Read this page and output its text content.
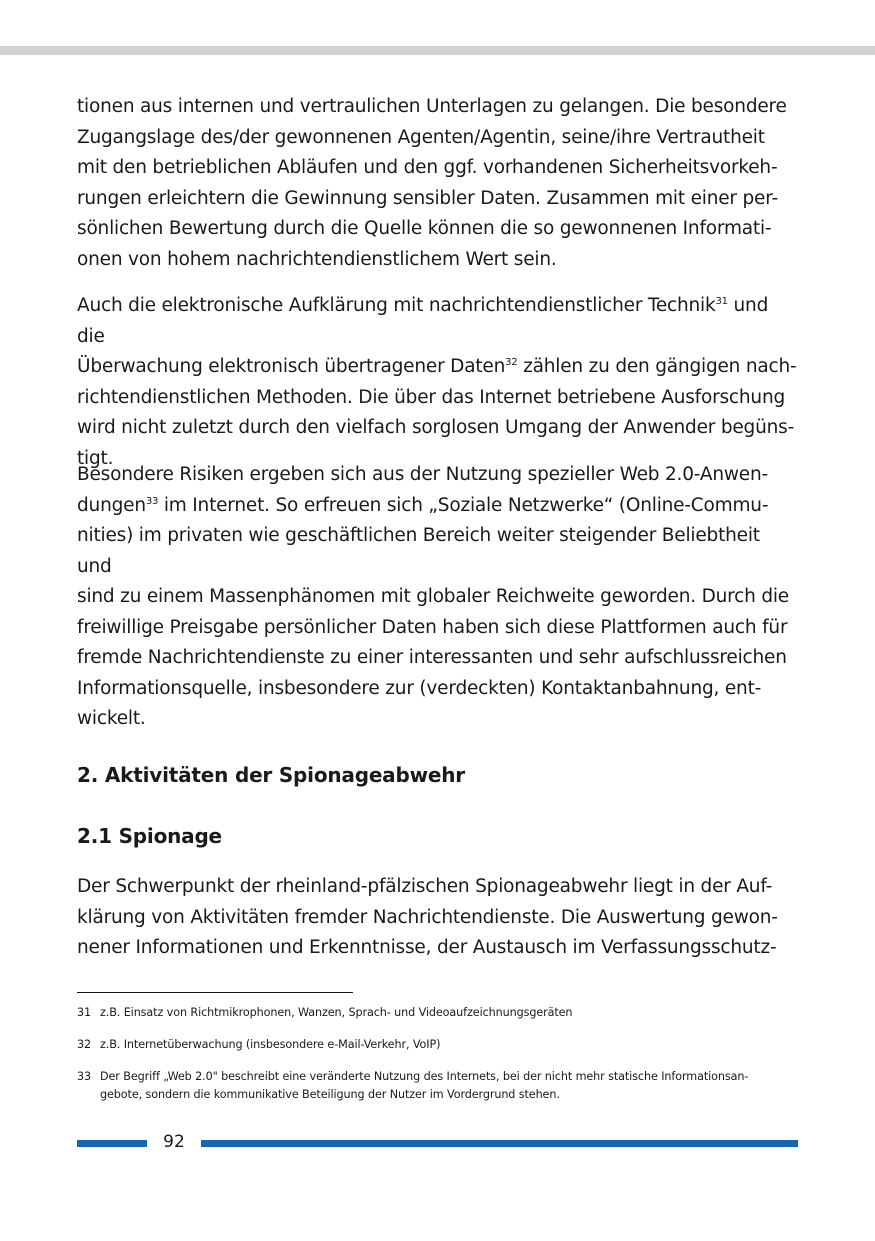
tionen aus internen und vertraulichen Unterlagen zu gelangen. Die besondere
Zugangslage des/der gewonnenen Agenten/Agentin, seine/ihre Vertrautheit
mit den betrieblichen Abläufen und den ggf. vorhandenen Sicherheitsvorkeh-
rungen erleichtern die Gewinnung sensibler Daten. Zusammen mit einer per-
sönlichen Bewertung durch die Quelle können die so gewonnenen Informati-
onen von hohem nachrichtendienstlichem Wert sein.

Auch die elektronische Aufklärung mit nachrichtendienstlicher Technik$^{31}$ und die
Überwachung elektronisch übertragener Daten$^{32}$ zählen zu den gängigen nach-
richtendienstlichen Methoden. Die über das Internet betriebene Ausforschung
wird nicht zuletzt durch den vielfach sorglosen Umgang der Anwender begüns-
tigt.

Besondere Risiken ergeben sich aus der Nutzung spezieller Web 2.0-Anwen-
dungen$^{33}$ im Internet. So erfreuen sich „Soziale Netzwerke“ (Online-Commu-
nities) im privaten wie geschäftlichen Bereich weiter steigender Beliebtheit und
sind zu einem Massenphänomen mit globaler Reichweite geworden. Durch die
freiwillige Preisgabe persönlicher Daten haben sich diese Plattformen auch für
fremde Nachrichtendienste zu einer interessanten und sehr aufschlussreichen
Informationsquelle, insbesondere zur (verdeckten) Kontaktanbahnung, ent-
wickelt.

2. Aktivitäten der Spionageabwehr
2.1 Spionage

Der Schwerpunkt der rheinland-pfälzischen Spionageabwehr liegt in der Auf-
klärung von Aktivitäten fremder Nachrichtendienste. Die Auswertung gewon-
nener Informationen und Erkenntnisse, der Austausch im Verfassungsschutz-

31 z.B. Einsatz von Richtmikrophonen, Wanzen, Sprach- und Videoaufzeichnungsgeräten
32 z.B. Internetüberwachung (insbesondere e-Mail-Verkehr, VoIP)
33 Der Begriff „Web 2.0" beschreibt eine veränderte Nutzung des Internets, bei der nicht mehr statische Informationsan-
gebote, sondern die kommunikative Beteiligung der Nutzer im Vordergrund stehen.
92
